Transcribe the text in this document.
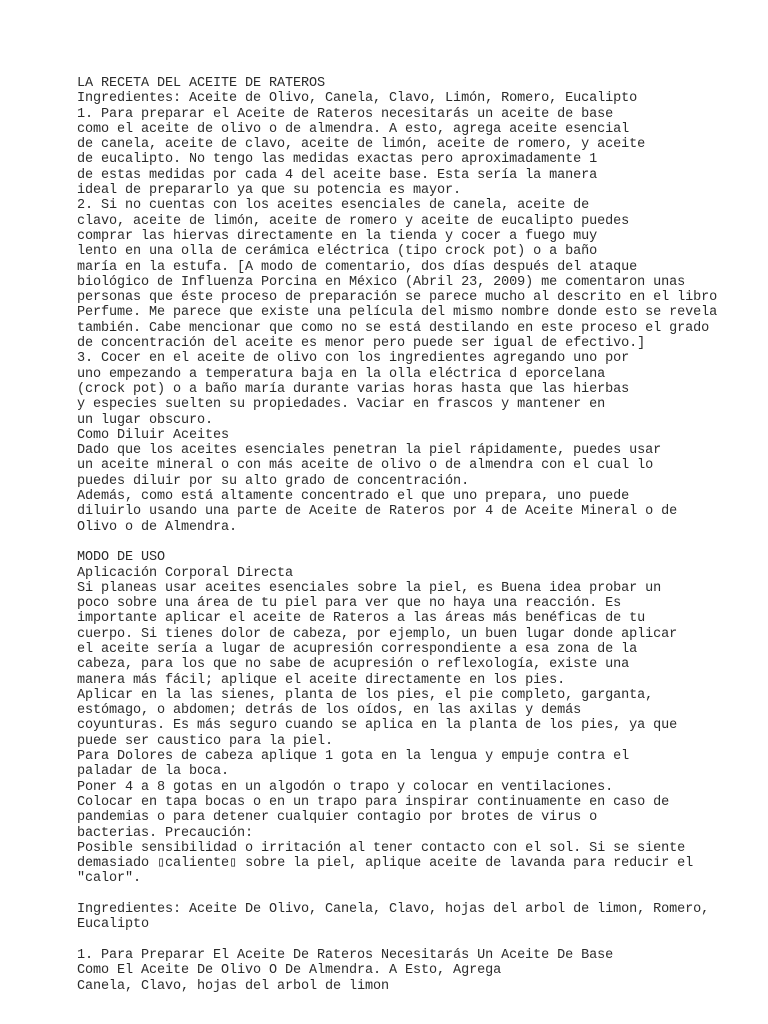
LA RECETA DEL ACEITE DE RATEROS
Ingredientes: Aceite de Olivo, Canela, Clavo, Limón, Romero, Eucalipto
1. Para preparar el Aceite de Rateros necesitarás un aceite de base
como el aceite de olivo o de almendra. A esto, agrega aceite esencial
de canela, aceite de clavo, aceite de limón, aceite de romero, y aceite
de eucalipto. No tengo las medidas exactas pero aproximadamente 1
de estas medidas por cada 4 del aceite base. Esta sería la manera
ideal de prepararlo ya que su potencia es mayor.
2. Si no cuentas con los aceites esenciales de canela, aceite de
clavo, aceite de limón, aceite de romero y aceite de eucalipto puedes
comprar las hiervas directamente en la tienda y cocer a fuego muy
lento en una olla de cerámica eléctrica (tipo crock pot) o a baño
maría en la estufa. [A modo de comentario, dos días después del ataque
biológico de Influenza Porcina en México (Abril 23, 2009) me comentaron unas
personas que éste proceso de preparación se parece mucho al descrito en el libro
Perfume. Me parece que existe una película del mismo nombre donde esto se revela
también. Cabe mencionar que como no se está destilando en este proceso el grado
de concentración del aceite es menor pero puede ser igual de efectivo.]
3. Cocer en el aceite de olivo con los ingredientes agregando uno por
uno empezando a temperatura baja en la olla eléctrica d eporcelana
(crock pot) o a baño maría durante varias horas hasta que las hierbas
y especies suelten su propiedades. Vaciar en frascos y mantener en
un lugar obscuro.
Como Diluir Aceites
Dado que los aceites esenciales penetran la piel rápidamente, puedes usar
un aceite mineral o con más aceite de olivo o de almendra con el cual lo
puedes diluir por su alto grado de concentración.
Además, como está altamente concentrado el que uno prepara, uno puede
diluirlo usando una parte de Aceite de Rateros por 4 de Aceite Mineral o de
Olivo o de Almendra.
MODO DE USO
Aplicación Corporal Directa
Si planeas usar aceites esenciales sobre la piel, es Buena idea probar un
poco sobre una área de tu piel para ver que no haya una reacción. Es
importante aplicar el aceite de Rateros a las áreas más benéficas de tu
cuerpo. Si tienes dolor de cabeza, por ejemplo, un buen lugar donde aplicar
el aceite sería a lugar de acupresión correspondiente a esa zona de la
cabeza, para los que no sabe de acupresión o reflexología, existe una
manera más fácil; aplique el aceite directamente en los pies.
Aplicar en la las sienes, planta de los pies, el pie completo, garganta,
estómago, o abdomen; detrás de los oídos, en las axilas y demás
coyunturas. Es más seguro cuando se aplica en la planta de los pies, ya que
puede ser caustico para la piel.
Para Dolores de cabeza aplique 1 gota en la lengua y empuje contra el
paladar de la boca.
Poner 4 a 8 gotas en un algodón o trapo y colocar en ventilaciones.
Colocar en tapa bocas o en un trapo para inspirar continuamente en caso de
pandemias o para detener cualquier contagio por brotes de virus o
bacterias. Precaución:
Posible sensibilidad o irritación al tener contacto con el sol. Si se siente
demasiado ▯caliente▯ sobre la piel, aplique aceite de lavanda para reducir el
"calor".
Ingredientes: Aceite De Olivo, Canela, Clavo, hojas del arbol de limon, Romero,
Eucalipto
1. Para Preparar El Aceite De Rateros Necesitarás Un Aceite De Base
Como El Aceite De Olivo O De Almendra. A Esto, Agrega
Canela, Clavo, hojas del arbol de limon
